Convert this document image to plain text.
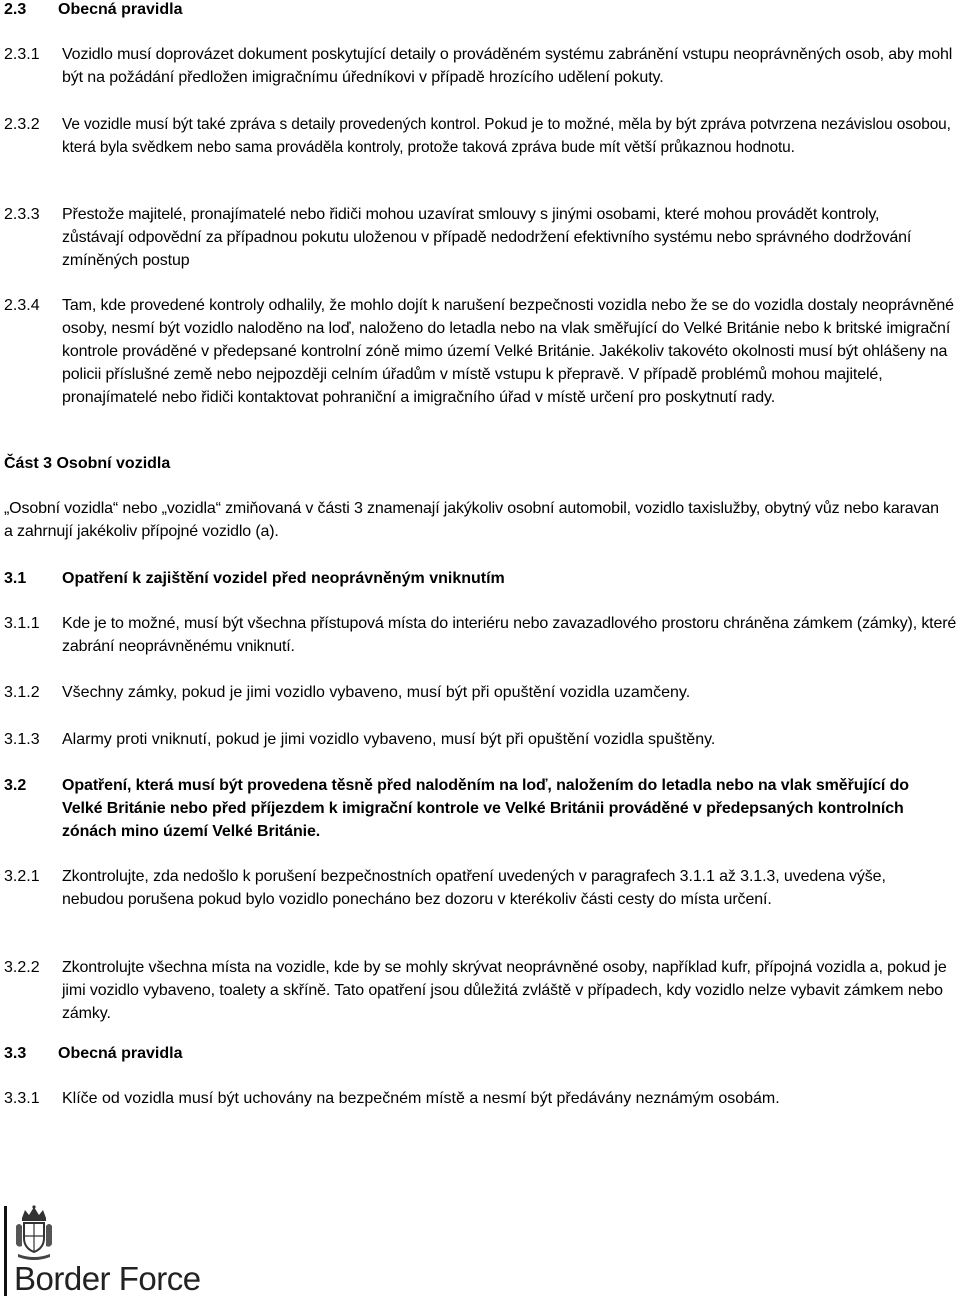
2.3 Obecná pravidla
2.3.1 Vozidlo musí doprovázet dokument poskytující detaily o prováděném systému zabránění vstupu neoprávněných osob, aby mohl být na požádání předložen imigračnímu úředníkovi v případě hrozícího udělení pokuty.

2.3.2 Ve vozidle musí být také zpráva s detaily provedených kontrol. Pokud je to možné, měla by být zpráva potvrzena nezávislou osobou, která byla svědkem nebo sama prováděla kontroly, protože taková zpráva bude mít větší průkaznou hodnotu.

2.3.3 Přestože majitelé, pronajímatelé nebo řidiči mohou uzavírat smlouvy s jinými osobami, které mohou provádět kontroly, zůstávají odpovědní za případnou pokutu uloženou v případě nedodržení efektivního systému nebo správného dodržování zmíněných postup

2.3.4 Tam, kde provedené kontroly odhalily, že mohlo dojít k narušení bezpečnosti vozidla nebo že se do vozidla dostaly neoprávněné osoby, nesmí být vozidlo naloděno na loď, naloženo do letadla nebo na vlak směřující do Velké Británie nebo k britské imigrační kontrole prováděné v předepsané kontrolní zóně mimo území Velké Británie. Jakékoliv takovéto okolnosti musí být ohlášeny na policii příslušné země nebo nejpozději celním úřadům v místě vstupu k přepravě. V případě problémů mohou majitelé, pronajímatelé nebo řidiči kontaktovat pohraniční a imigračního úřad v místě určení pro poskytnutí rady.

Část 3 Osobní vozidla

„Osobní vozidla“ nebo „vozidla“ zmiňovaná v části 3 znamenají jakýkoliv osobní automobil, vozidlo taxislužby, obytný vůz nebo karavan a zahrnují jakékoliv přípojné vozidlo (a).

3.1 Opatření k zajištění vozidel před neoprávněným vniknutím
3.1.1 Kde je to možné, musí být všechna přístupová místa do interiéru nebo zavazadlového prostoru chráněna zámkem (zámky), které zabrání neoprávněnému vniknutí.

3.1.2 Všechny zámky, pokud je jimi vozidlo vybaveno, musí být při opuštění vozidla uzamčeny.

3.1.3 Alarmy proti vniknutí, pokud je jimi vozidlo vybaveno, musí být při opuštění vozidla spuštěny.

3.2 Opatření, která musí být provedena těsně před naloděním na loď, naložením do letadla nebo na vlak směřující do Velké Británie nebo před příjezdem k imigrační kontrole ve Velké Británii prováděné v předepsaných kontrolních zónách mino území Velké Británie.

3.2.1 Zkontrolujte, zda nedošlo k porušení bezpečnostních opatření uvedených v paragrafech 3.1.1 až 3.1.3, uvedena výše, nebudou porušena pokud bylo vozidlo ponecháno bez dozoru v kterékoliv části cesty do místa určení.

3.2.2 Zkontrolujte všechna místa na vozidle, kde by se mohly skrývat neoprávněné osoby, například kufr, přípojná vozidla a, pokud je jimi vozidlo vybaveno, toalety a skříně. Tato opatření jsou důležitá zvláště v případech, kdy vozidlo nelze vybavit zámkem nebo zámky.

3.3 Obecná pravidla
3.3.1 Klíče od vozidla musí být uchovány na bezpečném místě a nesmí být předávány neznámým osobám.

Border Force
